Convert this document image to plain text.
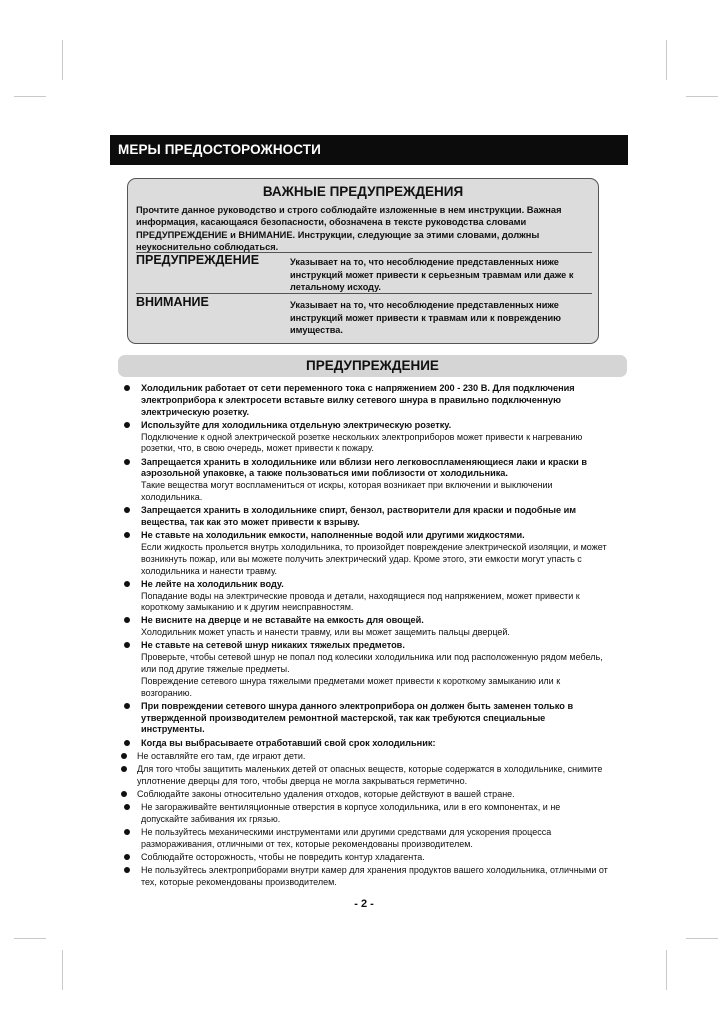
МЕРЫ ПРЕДОСТОРОЖНОСТИ
ВАЖНЫЕ ПРЕДУПРЕЖДЕНИЯ
Прочтите данное руководство и строго соблюдайте изложенные в нем инструкции. Важная информация, касающаяся безопасности, обозначена в тексте руководства словами ПРЕДУПРЕЖДЕНИЕ и ВНИМАНИЕ. Инструкции, следующие за этими словами, должны неукоснительно соблюдаться.
ПРЕДУПРЕЖДЕНИЕ	Указывает на то, что несоблюдение представленных ниже инструкций может привести к серьезным травмам или даже к летальному исходу.
ВНИМАНИЕ	Указывает на то, что несоблюдение представленных ниже инструкций может привести к травмам или к повреждению имущества.
ПРЕДУПРЕЖДЕНИЕ
Холодильник работает от сети переменного тока с напряжением 200 - 230 В. Для подключения электроприбора к электросети вставьте вилку сетевого шнура в правильно подключенную электрическую розетку.
Используйте для холодильника отдельную электрическую розетку.
Подключение к одной электрической розетке нескольких электроприборов может привести к нагреванию розетки, что, в свою очередь, может привести к пожару.
Запрещается хранить в холодильнике или вблизи него легковоспламеняющиеся лаки и краски в аэрозольной упаковке, а также пользоваться ими поблизости от холодильника.
Такие вещества могут воспламениться от искры, которая возникает при включении и выключении холодильника.
Запрещается хранить в холодильнике спирт, бензол, растворители для краски и подобные им вещества, так как это может привести к взрыву.
Не ставьте на холодильник емкости, наполненные водой или другими жидкостями.
Если жидкость прольется внутрь холодильника, то произойдет повреждение электрической изоляции, и может возникнуть пожар, или вы можете получить электрический удар. Кроме этого, эти емкости могут упасть с холодильника и нанести травму.
Не лейте на холодильник воду.
Попадание воды на электрические провода и детали, находящиеся под напряжением, может привести к короткому замыканию и к другим неисправностям.
Не висните на дверце и не вставайте на емкость для овощей.
Холодильник может упасть и нанести травму, или вы может защемить пальцы дверцей.
Не ставьте на сетевой шнур никаких тяжелых предметов.
Проверьте, чтобы сетевой шнур не попал под колесики холодильника или под расположенную рядом мебель, или под другие тяжелые предметы.
Повреждение сетевого шнура тяжелыми предметами может привести к короткому замыканию или к возгоранию.
При повреждении сетевого шнура данного электроприбора он должен быть заменен только в утвержденной производителем ремонтной мастерской, так как требуются специальные инструменты.
Когда вы выбрасываете отработавший свой срок холодильник:
Не оставляйте его там, где играют дети.
Для того чтобы защитить маленьких детей от опасных веществ, которые содержатся в холодильнике, снимите уплотнение дверцы для того, чтобы дверца не могла закрываться герметично.
Соблюдайте законы относительно удаления отходов, которые действуют в вашей стране.
Не загораживайте вентиляционные отверстия в корпусе холодильника, или в его компонентах, и не допускайте забивания их грязью.
Не пользуйтесь механическими инструментами или другими средствами для ускорения процесса размораживания, отличными от тех, которые рекомендованы производителем.
Соблюдайте осторожность, чтобы не повредить контур хладагента.
Не пользуйтесь электроприборами внутри камер для хранения продуктов вашего холодильника, отличными от тех, которые рекомендованы производителем.
- 2 -
